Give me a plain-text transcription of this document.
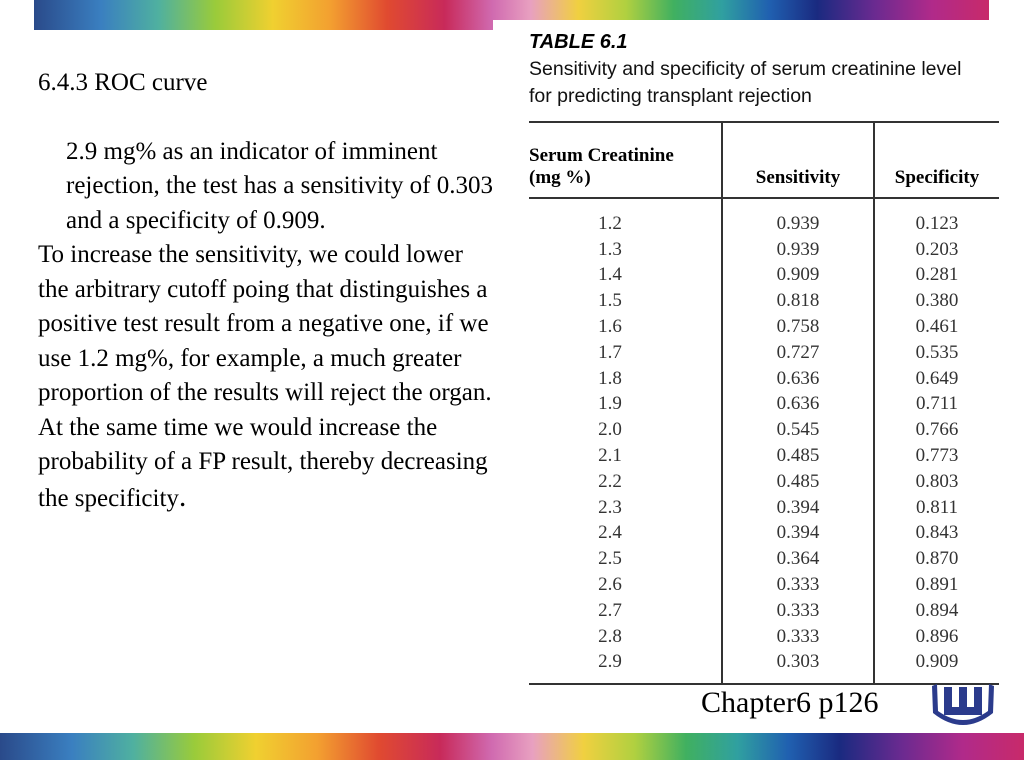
6.4.3 ROC curve

2.9 mg% as an indicator of imminent rejection, the test has a sensitivity of 0.303 and a specificity of 0.909.

To increase the sensitivity, we could lower the arbitrary cutoff poing that distinguishes a positive test result from a negative one, if we use 1.2 mg%, for example, a much greater proportion of the results will reject the organ. At the same time we would increase the probability of a FP result, thereby decreasing the specificity.

TABLE 6.1
Sensitivity and specificity of serum creatinine level
for predicting transplant rejection
Serum Creatinine
(mg %)	Sensitivity	Specificity
1.2	0.939	0.123
1.3	0.939	0.203
1.4	0.909	0.281
1.5	0.818	0.380
1.6	0.758	0.461
1.7	0.727	0.535
1.8	0.636	0.649
1.9	0.636	0.711
2.0	0.545	0.766
2.1	0.485	0.773
2.2	0.485	0.803
2.3	0.394	0.811
2.4	0.394	0.843
2.5	0.364	0.870
2.6	0.333	0.891
2.7	0.333	0.894
2.8	0.333	0.896
2.9	0.303	0.909
Chapter6 p126
